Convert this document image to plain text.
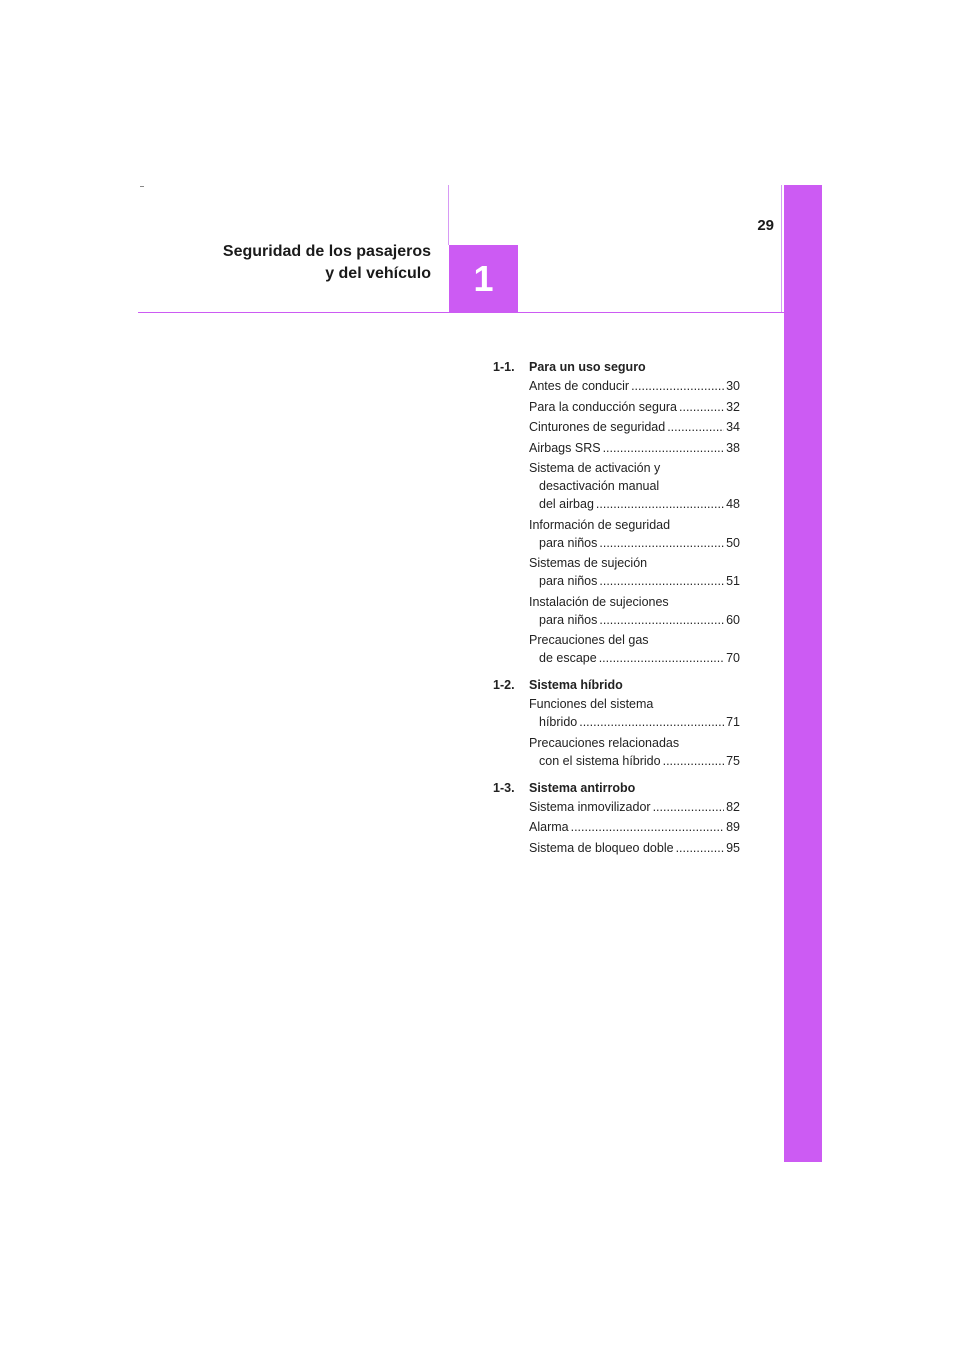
29
Seguridad de los pasajeros
y del vehículo 1
1-1.	Para un uso seguro
Antes de conducir .....	30
Para la conducción segura .....	32
Cinturones de seguridad .....	34
Airbags SRS .....	38
Sistema de activación y
desactivación manual
del airbag .....	48
Información de seguridad
para niños .....	50
Sistemas de sujeción
para niños .....	51
Instalación de sujeciones
para niños .....	60
Precauciones del gas
de escape .....	70
1-2.	Sistema híbrido
Funciones del sistema
híbrido .....	71
Precauciones relacionadas
con el sistema híbrido .....	75
1-3.	Sistema antirrobo
Sistema inmovilizador .....	82
Alarma .....	89
Sistema de bloqueo doble .....	95
